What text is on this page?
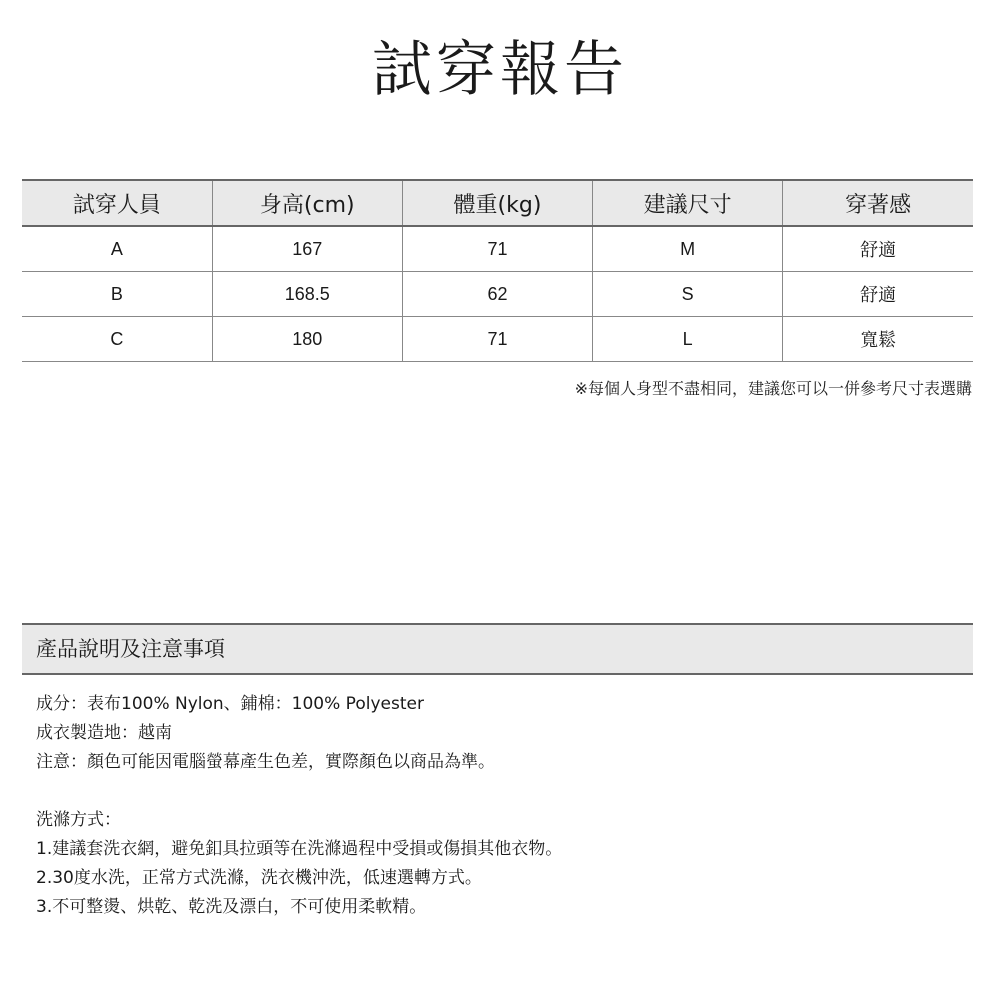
試穿報告
試穿人員	身高(cm)	體重(kg)	建議尺寸	穿著感
A	167	71	M	舒適
B	168.5	62	S	舒適
C	180	71	L	寬鬆
※每個人身型不盡相同，建議您可以一併參考尺寸表選購
產品說明及注意事項

成分：表布100% Nylon、鋪棉：100% Polyester

成衣製造地：越南

注意：顏色可能因電腦螢幕產生色差，實際顏色以商品為準。

洗滌方式：

1.建議套洗衣網，避免釦具拉頭等在洗滌過程中受損或傷損其他衣物。

2.30度水洗，正常方式洗滌，洗衣機沖洗，低速選轉方式。

3.不可整燙、烘乾、乾洗及漂白，不可使用柔軟精。
